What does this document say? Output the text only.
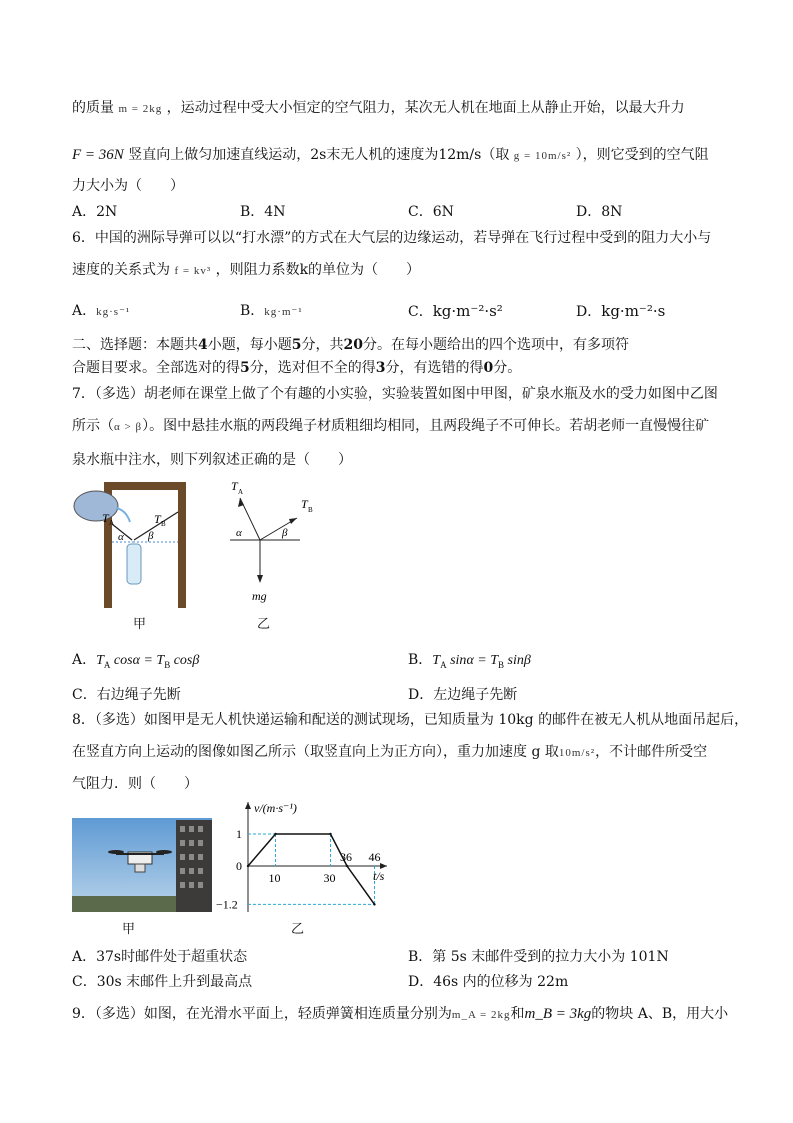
的质量 m = 2kg ，运动过程中受大小恒定的空气阻力，某次无人机在地面上从静止开始，以最大升力
F = 36N 竖直向上做匀加速直线运动，2s末无人机的速度为12m/s（取 g = 10m/s² ），则它受到的空气阻
力大小为（　　）
A．2N	B．4N	C．6N	D．8N
6．中国的洲际导弹可以以“打水漂”的方式在大气层的边缘运动，若导弹在飞行过程中受到的阻力大小与
速度的关系式为 f = kv³ ，则阻力系数k的单位为（　　）
A．kg·s⁻¹	B．kg·m⁻¹	C．kg·m⁻²·s²	D．kg·m⁻²·s
二、选择题：本题共4小题，每小题5分，共20分。在每小题给出的四个选项中，有多项符
合题目要求。全部选对的得5分，选对但不全的得3分，有选错的得0分。
7．（多选）胡老师在课堂上做了个有趣的小实验，实验装置如图中甲图，矿泉水瓶及水的受力如图中乙图
所示（α > β）。图中悬挂水瓶的两段绳子材质粗细均相同，且两段绳子不可伸长。若胡老师一直慢慢往矿
泉水瓶中注水，则下列叙述正确的是（　　）
T A	T B
α β
甲
T A
T B
α	β
mg
乙
A．$T_A$ $\cos\alpha = T_B$ cosβ	B．$T_A$ $\sin\alpha = T_B$ sinβ
C．右边绳子先断	D．左边绳子先断
8．（多选）如图甲是无人机快递运输和配送的测试现场，已知质量为 10kg 的邮件在被无人机从地面吊起后，
在竖直方向上运动的图像如图乙所示（取竖直向上为正方向），重力加速度 g 取10m/s²，不计邮件所受空
气阻力．则（　　）
甲
v/(m·s⁻¹)
t/s
1
0
−1.2
10	30
36 46
乙
A．37s时邮件处于超重状态	B．第 5s 末邮件受到的拉力大小为 101N
C．30s 末邮件上升到最高点	D．46s 内的位移为 22m
9．（多选）如图，在光滑水平面上，轻质弹簧相连质量分别为m_A = 2kg和m_B = 3kg的物块 A、B，用大小
